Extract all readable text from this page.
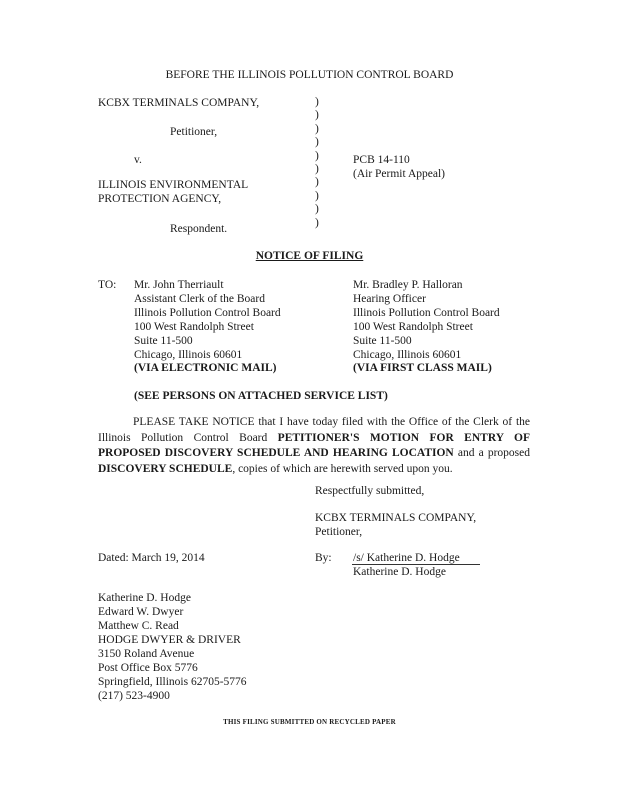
BEFORE THE ILLINOIS POLLUTION CONTROL BOARD
KCBX TERMINALS COMPANY,
Petitioner,
v.
ILLINOIS ENVIRONMENTAL
PROTECTION AGENCY,
Respondent.
)
)
)
)
)
)
)
)
)
)
PCB 14-110
(Air Permit Appeal)
NOTICE OF FILING
TO: Mr. John Therriault
Assistant Clerk of the Board
Illinois Pollution Control Board
100 West Randolph Street
Suite 11-500
Chicago, Illinois 60601
(VIA ELECTRONIC MAIL)
Mr. Bradley P. Halloran
Hearing Officer
Illinois Pollution Control Board
100 West Randolph Street
Suite 11-500
Chicago, Illinois 60601
(VIA FIRST CLASS MAIL)
(SEE PERSONS ON ATTACHED SERVICE LIST)
PLEASE TAKE NOTICE that I have today filed with the Office of the Clerk of the Illinois Pollution Control Board PETITIONER'S MOTION FOR ENTRY OF PROPOSED DISCOVERY SCHEDULE AND HEARING LOCATION and a proposed DISCOVERY SCHEDULE, copies of which are herewith served upon you.
Respectfully submitted,
KCBX TERMINALS COMPANY,
Petitioner,
Dated: March 19, 2014	By: /s/ Katherine D. Hodge
Katherine D. Hodge
Katherine D. Hodge
Edward W. Dwyer
Matthew C. Read
HODGE DWYER & DRIVER
3150 Roland Avenue
Post Office Box 5776
Springfield, Illinois 62705-5776
(217) 523-4900
THIS FILING SUBMITTED ON RECYCLED PAPER
